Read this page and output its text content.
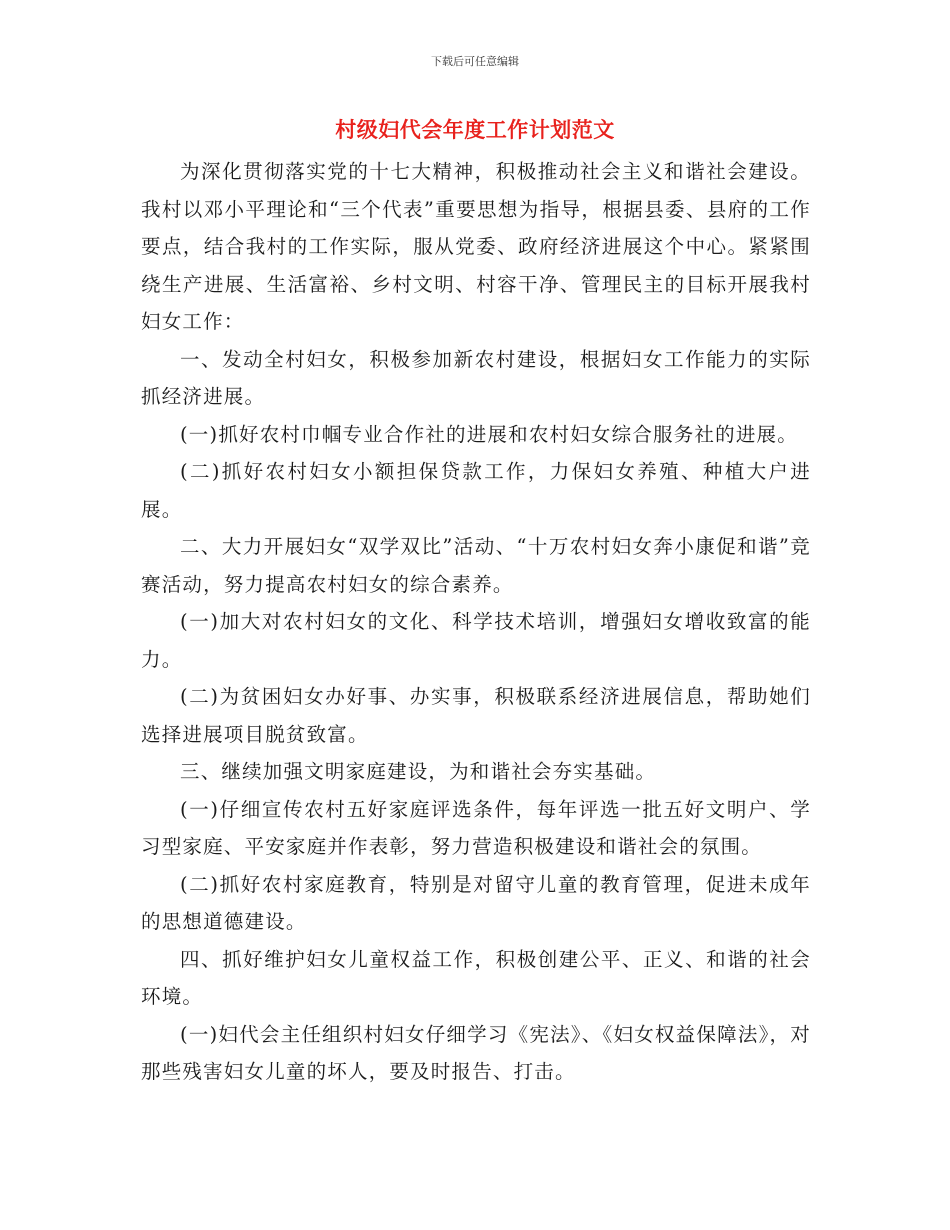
下载后可任意编辑
村级妇代会年度工作计划范文

为深化贯彻落实党的十七大精神，积极推动社会主义和谐社会建设。我村以邓小平理论和“三个代表”重要思想为指导，根据县委、县府的工作要点，结合我村的工作实际，服从党委、政府经济进展这个中心。紧紧围绕生产进展、生活富裕、乡村文明、村容干净、管理民主的目标开展我村妇女工作：

一、发动全村妇女，积极参加新农村建设，根据妇女工作能力的实际抓经济进展。

(一)抓好农村巾帼专业合作社的进展和农村妇女综合服务社的进展。

(二)抓好农村妇女小额担保贷款工作，力保妇女养殖、种植大户进展。

二、大力开展妇女“双学双比”活动、“十万农村妇女奔小康促和谐”竞赛活动，努力提高农村妇女的综合素养。

(一)加大对农村妇女的文化、科学技术培训，增强妇女增收致富的能力。

(二)为贫困妇女办好事、办实事，积极联系经济进展信息，帮助她们选择进展项目脱贫致富。

三、继续加强文明家庭建设，为和谐社会夯实基础。

(一)仔细宣传农村五好家庭评选条件，每年评选一批五好文明户、学习型家庭、平安家庭并作表彰，努力营造积极建设和谐社会的氛围。

(二)抓好农村家庭教育，特别是对留守儿童的教育管理，促进未成年的思想道德建设。

四、抓好维护妇女儿童权益工作，积极创建公平、正义、和谐的社会环境。

(一)妇代会主任组织村妇女仔细学习《宪法》、《妇女权益保障法》，对那些残害妇女儿童的坏人，要及时报告、打击。
